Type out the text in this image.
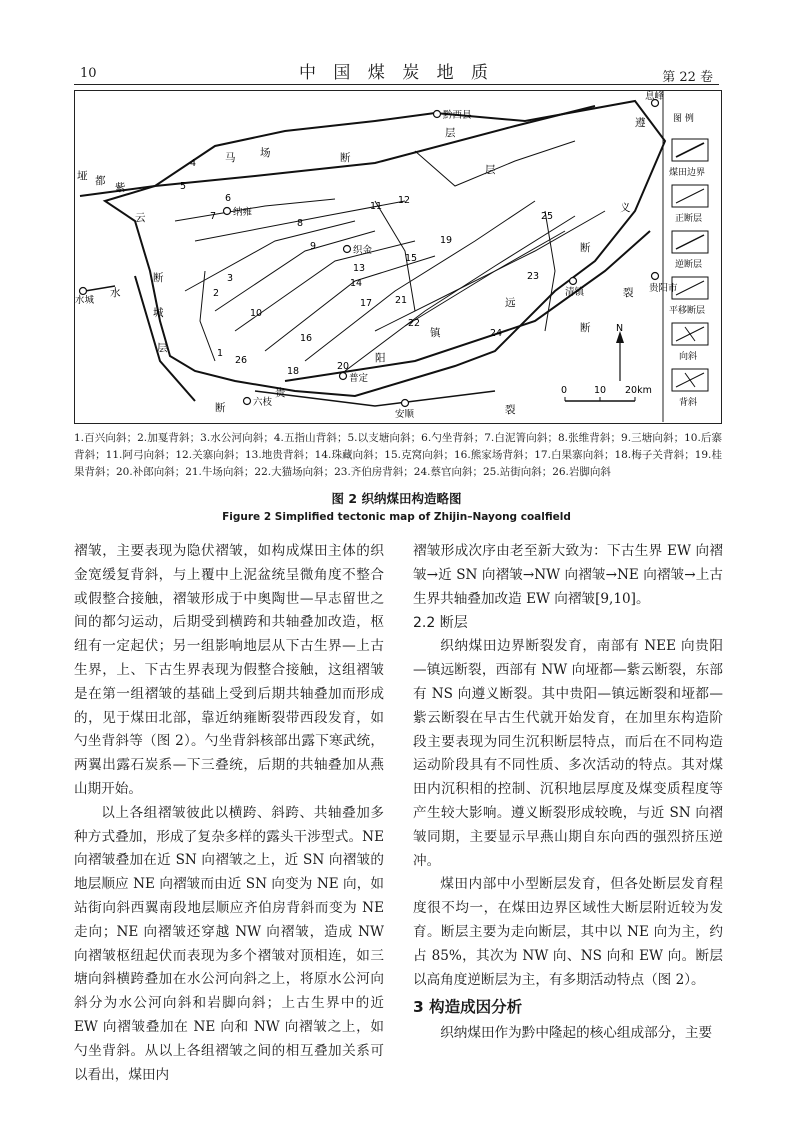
10	中 国 煤 炭 地 质	第 22 卷
图 例
煤田边界
正断层
逆断层
平移断层
向斜
背斜
黔西县
纳雍
织金
水城
清镇	贵阳市
普定
六枝
安顺
息峰
马 场	断
层
垭 都
紫
云
断
层
遵
义
断
层
贵
阳
镇
远
断
裂
水
城
断	裂
1
2
3
4
5
6
7
8
9
10
11
12
13
14
15
16
17
18
19
20
21
22
23
24
25
26
N
0	10 20km
1.百兴向斜；2.加戛背斜；3.水公河向斜；4.五指山背斜；5.以支塘向斜；6.勺坐背斜；7.白泥箐向斜；8.张维背斜；9.三塘向斜；10.后寨背斜；11.阿弓向斜；12.关寨向斜；13.地贵背斜；14.珠藏向斜；15.克窝向斜；16.熊家场背斜；17.白果寨向斜；18.梅子关背斜；19.桂果背斜；20.补郎向斜；21.牛场向斜；22.大猫场向斜；23.齐伯房背斜；24.蔡官向斜；25.站街向斜；26.岩脚向斜
图 2 织纳煤田构造略图
Figure 2 Simplified tectonic map of Zhijin–Nayong coalfield

褶皱，主要表现为隐伏褶皱，如构成煤田主体的织金宽缓复背斜，与上覆中上泥盆统呈微角度不整合或假整合接触，褶皱形成于中奥陶世—早志留世之间的都匀运动，后期受到横跨和共轴叠加改造，枢纽有一定起伏；另一组影响地层从下古生界—上古生界，上、下古生界表现为假整合接触，这组褶皱是在第一组褶皱的基础上受到后期共轴叠加而形成的，见于煤田北部，靠近纳雍断裂带西段发育，如勺坐背斜等（图 2）。勺坐背斜核部出露下寒武统，两翼出露石炭系—下三叠统，后期的共轴叠加从燕山期开始。

以上各组褶皱彼此以横跨、斜跨、共轴叠加多种方式叠加，形成了复杂多样的露头干涉型式。NE 向褶皱叠加在近 SN 向褶皱之上，近 SN 向褶皱的地层顺应 NE 向褶皱而由近 SN 向变为 NE 向，如站街向斜西翼南段地层顺应齐伯房背斜而变为 NE 走向；NE 向褶皱还穿越 NW 向褶皱，造成 NW 向褶皱枢纽起伏而表现为多个褶皱对顶相连，如三塘向斜横跨叠加在水公河向斜之上，将原水公河向斜分为水公河向斜和岩脚向斜；上古生界中的近 EW 向褶皱叠加在 NE 向和 NW 向褶皱之上，如勺坐背斜。从以上各组褶皱之间的相互叠加关系可以看出，煤田内

褶皱形成次序由老至新大致为：下古生界 EW 向褶皱→近 SN 向褶皱→NW 向褶皱→NE 向褶皱→上古生界共轴叠加改造 EW 向褶皱[9,10]。

2.2 断层

织纳煤田边界断裂发育，南部有 NEE 向贵阳—镇远断裂，西部有 NW 向垭都—紫云断裂，东部有 NS 向遵义断裂。其中贵阳—镇远断裂和垭都—紫云断裂在早古生代就开始发育，在加里东构造阶段主要表现为同生沉积断层特点，而后在不同构造运动阶段具有不同性质、多次活动的特点。其对煤田内沉积相的控制、沉积地层厚度及煤变质程度等产生较大影响。遵义断裂形成较晚，与近 SN 向褶皱同期，主要显示早燕山期自东向西的强烈挤压逆冲。

煤田内部中小型断层发育，但各处断层发育程度很不均一，在煤田边界区域性大断层附近较为发育。断层主要为走向断层，其中以 NE 向为主，约占 85%，其次为 NW 向、NS 向和 EW 向。断层以高角度逆断层为主，有多期活动特点（图 2）。

3 构造成因分析

织纳煤田作为黔中隆起的核心组成部分，主要
